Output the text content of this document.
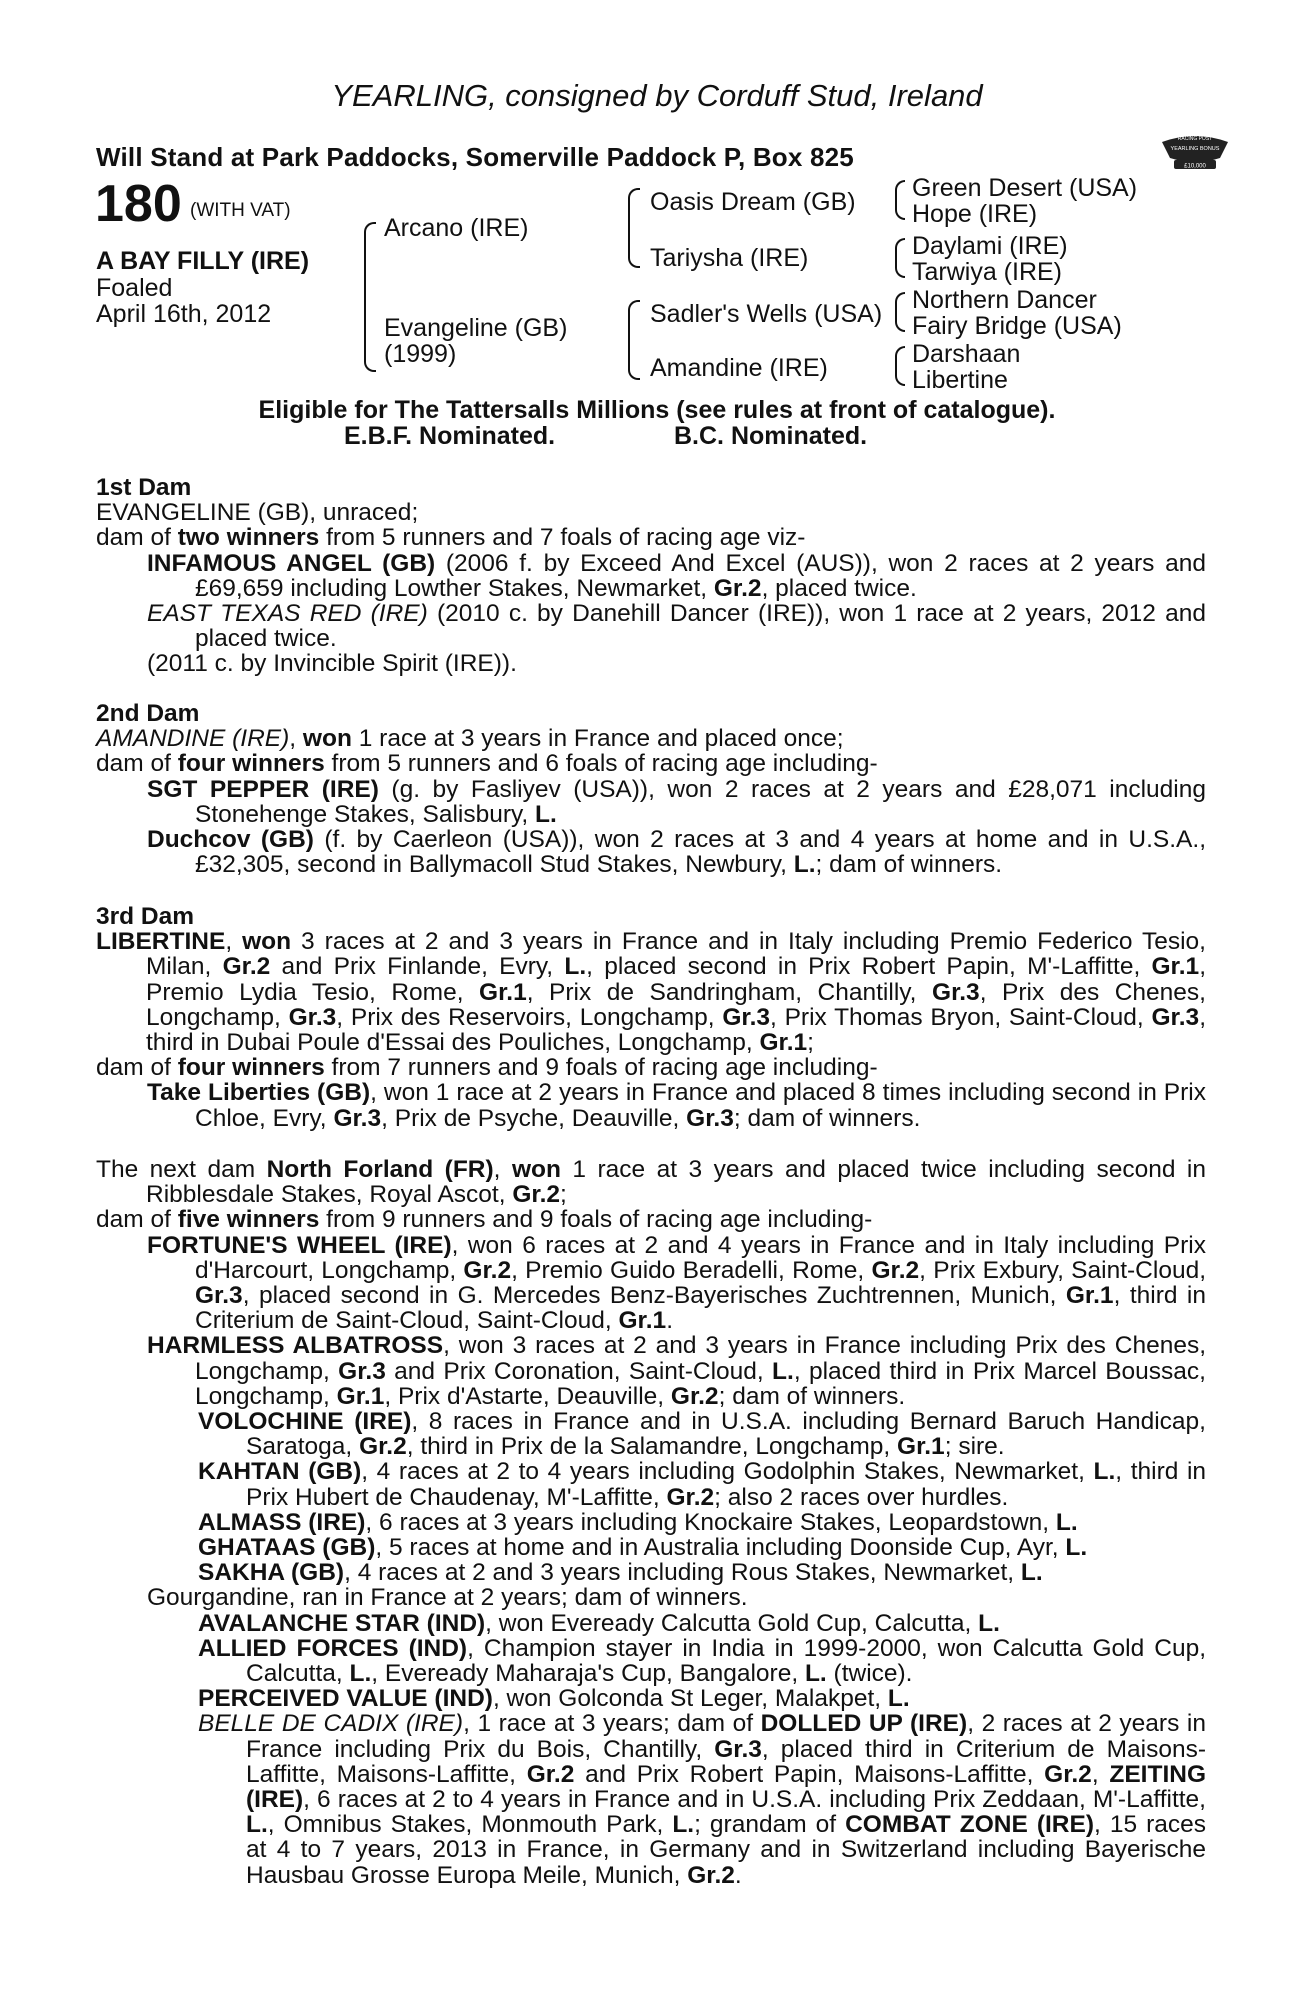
YEARLING, consigned by Corduff Stud, Ireland
Will Stand at Park Paddocks, Somerville Paddock P, Box 825
RACING POST
YEARLING BONUS
£10,000
180 (WITH VAT)
A BAY FILLY (IRE)
Foaled
April 16th, 2012
Arcano (IRE)
Evangeline (GB)
(1999)
Oasis Dream (GB)
Tariysha (IRE)
Sadler's Wells (USA)
Amandine (IRE)
Green Desert (USA)
Hope (IRE)
Daylami (IRE)
Tarwiya (IRE)
Northern Dancer
Fairy Bridge (USA)
Darshaan
Libertine
Eligible for The Tattersalls Millions (see rules at front of catalogue).
E.B.F. Nominated.	B.C. Nominated.

1st Dam

EVANGELINE (GB), unraced;

dam of two winners from 5 runners and 7 foals of racing age viz-

INFAMOUS ANGEL (GB) (2006 f. by Exceed And Excel (AUS)), won 2 races at 2 years and £69,659 including Lowther Stakes, Newmarket, Gr.2, placed twice.

EAST TEXAS RED (IRE) (2010 c. by Danehill Dancer (IRE)), won 1 race at 2 years, 2012 and placed twice.

(2011 c. by Invincible Spirit (IRE)).

2nd Dam

AMANDINE (IRE), won 1 race at 3 years in France and placed once;

dam of four winners from 5 runners and 6 foals of racing age including-

SGT PEPPER (IRE) (g. by Fasliyev (USA)), won 2 races at 2 years and £28,071 including Stonehenge Stakes, Salisbury, L.

Duchcov (GB) (f. by Caerleon (USA)), won 2 races at 3 and 4 years at home and in U.S.A., £32,305, second in Ballymacoll Stud Stakes, Newbury, L.; dam of winners.

3rd Dam

LIBERTINE, won 3 races at 2 and 3 years in France and in Italy including Premio Federico Tesio, Milan, Gr.2 and Prix Finlande, Evry, L., placed second in Prix Robert Papin, M'-Laffitte, Gr.1, Premio Lydia Tesio, Rome, Gr.1, Prix de Sandringham, Chantilly, Gr.3, Prix des Chenes, Longchamp, Gr.3, Prix des Reservoirs, Longchamp, Gr.3, Prix Thomas Bryon, Saint-Cloud, Gr.3, third in Dubai Poule d'Essai des Pouliches, Longchamp, Gr.1;

dam of four winners from 7 runners and 9 foals of racing age including-

Take Liberties (GB), won 1 race at 2 years in France and placed 8 times including second in Prix Chloe, Evry, Gr.3, Prix de Psyche, Deauville, Gr.3; dam of winners.

The next dam North Forland (FR), won 1 race at 3 years and placed twice including second in Ribblesdale Stakes, Royal Ascot, Gr.2;

dam of five winners from 9 runners and 9 foals of racing age including-

FORTUNE'S WHEEL (IRE), won 6 races at 2 and 4 years in France and in Italy including Prix d'Harcourt, Longchamp, Gr.2, Premio Guido Beradelli, Rome, Gr.2, Prix Exbury, Saint-Cloud, Gr.3, placed second in G. Mercedes Benz-Bayerisches Zuchtrennen, Munich, Gr.1, third in Criterium de Saint-Cloud, Saint-Cloud, Gr.1.

HARMLESS ALBATROSS, won 3 races at 2 and 3 years in France including Prix des Chenes, Longchamp, Gr.3 and Prix Coronation, Saint-Cloud, L., placed third in Prix Marcel Boussac, Longchamp, Gr.1, Prix d'Astarte, Deauville, Gr.2; dam of winners.

VOLOCHINE (IRE), 8 races in France and in U.S.A. including Bernard Baruch Handicap, Saratoga, Gr.2, third in Prix de la Salamandre, Longchamp, Gr.1; sire.

KAHTAN (GB), 4 races at 2 to 4 years including Godolphin Stakes, Newmarket, L., third in Prix Hubert de Chaudenay, M'-Laffitte, Gr.2; also 2 races over hurdles.

ALMASS (IRE), 6 races at 3 years including Knockaire Stakes, Leopardstown, L.

GHATAAS (GB), 5 races at home and in Australia including Doonside Cup, Ayr, L.

SAKHA (GB), 4 races at 2 and 3 years including Rous Stakes, Newmarket, L.

Gourgandine, ran in France at 2 years; dam of winners.

AVALANCHE STAR (IND), won Eveready Calcutta Gold Cup, Calcutta, L.

ALLIED FORCES (IND), Champion stayer in India in 1999-2000, won Calcutta Gold Cup, Calcutta, L., Eveready Maharaja's Cup, Bangalore, L. (twice).

PERCEIVED VALUE (IND), won Golconda St Leger, Malakpet, L.

BELLE DE CADIX (IRE), 1 race at 3 years; dam of DOLLED UP (IRE), 2 races at 2 years in France including Prix du Bois, Chantilly, Gr.3, placed third in Criterium de Maisons-Laffitte, Maisons-Laffitte, Gr.2 and Prix Robert Papin, Maisons-Laffitte, Gr.2, ZEITING (IRE), 6 races at 2 to 4 years in France and in U.S.A. including Prix Zeddaan, M'-Laffitte, L., Omnibus Stakes, Monmouth Park, L.; grandam of COMBAT ZONE (IRE), 15 races at 4 to 7 years, 2013 in France, in Germany and in Switzerland including Bayerische Hausbau Grosse Europa Meile, Munich, Gr.2.
